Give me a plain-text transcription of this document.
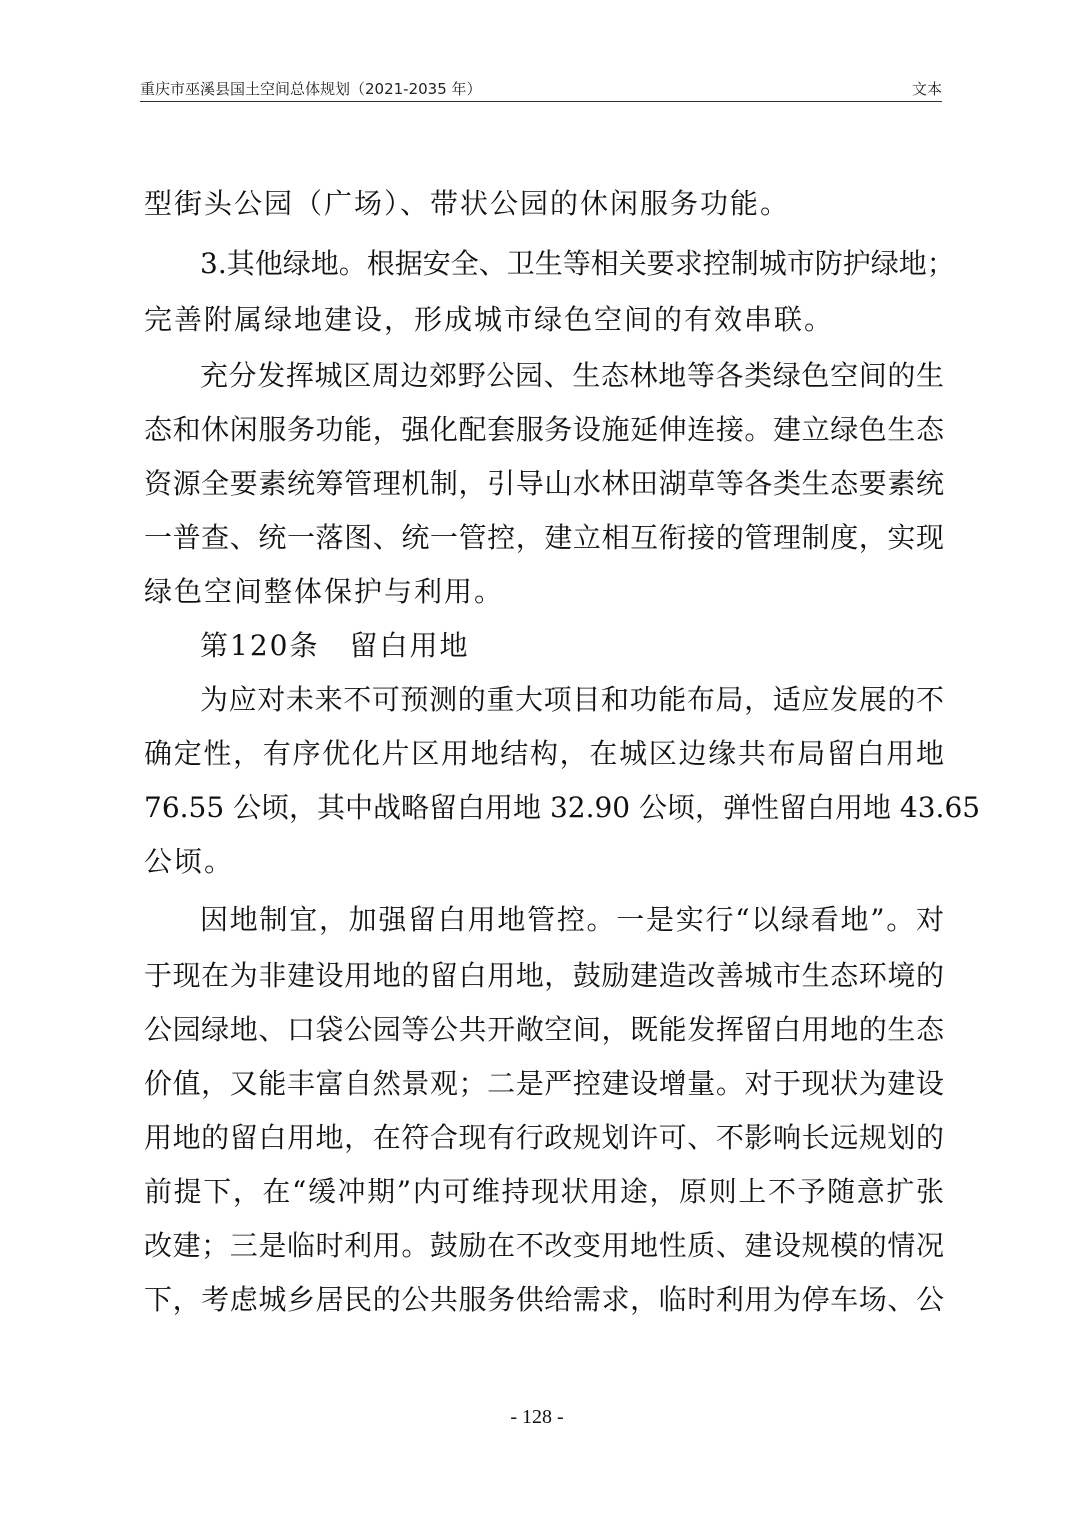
重庆市巫溪县国土空间总体规划（2021-2035 年）	文本
型街头公园（广场）、带状公园的休闲服务功能。
3.其他绿地。根据安全、卫生等相关要求控制城市防护绿地；
完善附属绿地建设，形成城市绿色空间的有效串联。
充分发挥城区周边郊野公园、生态林地等各类绿色空间的生
态和休闲服务功能，强化配套服务设施延伸连接。建立绿色生态
资源全要素统筹管理机制，引导山水林田湖草等各类生态要素统
一普查、统一落图、统一管控，建立相互衔接的管理制度，实现
绿色空间整体保护与利用。
第120条　留白用地
为应对未来不可预测的重大项目和功能布局，适应发展的不
确定性，有序优化片区用地结构，在城区边缘共布局留白用地
76.55 公顷，其中战略留白用地 32.90 公顷，弹性留白用地 43.65
公顷。
因地制宜，加强留白用地管控。一是实行“以绿看地”。对
于现在为非建设用地的留白用地，鼓励建造改善城市生态环境的
公园绿地、口袋公园等公共开敞空间，既能发挥留白用地的生态
价值，又能丰富自然景观；二是严控建设增量。对于现状为建设
用地的留白用地，在符合现有行政规划许可、不影响长远规划的
前提下，在“缓冲期”内可维持现状用途，原则上不予随意扩张
改建；三是临时利用。鼓励在不改变用地性质、建设规模的情况
下，考虑城乡居民的公共服务供给需求，临时利用为停车场、公
- 128 -
